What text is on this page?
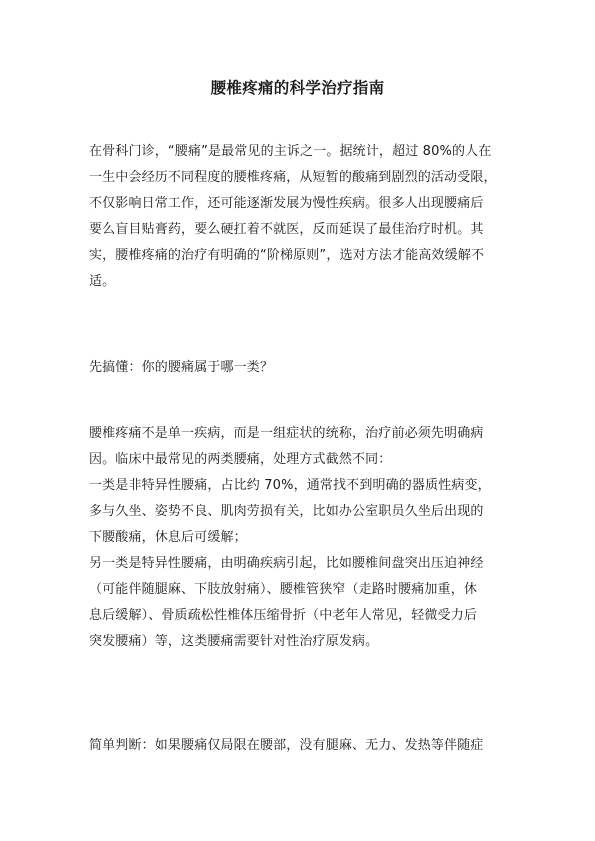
腰椎疼痛的科学治疗指南
在骨科门诊，“腰痛”是最常见的主诉之一。据统计，超过 80%的人在
一生中会经历不同程度的腰椎疼痛，从短暂的酸痛到剧烈的活动受限，
不仅影响日常工作，还可能逐渐发展为慢性疾病。很多人出现腰痛后
要么盲目贴膏药，要么硬扛着不就医，反而延误了最佳治疗时机。其
实，腰椎疼痛的治疗有明确的“阶梯原则”，选对方法才能高效缓解不
适。
先搞懂：你的腰痛属于哪一类？
腰椎疼痛不是单一疾病，而是一组症状的统称，治疗前必须先明确病
因。临床中最常见的两类腰痛，处理方式截然不同：
一类是非特异性腰痛，占比约 70%，通常找不到明确的器质性病变，
多与久坐、姿势不良、肌肉劳损有关，比如办公室职员久坐后出现的
下腰酸痛，休息后可缓解；
另一类是特异性腰痛，由明确疾病引起，比如腰椎间盘突出压迫神经
（可能伴随腿麻、下肢放射痛）、腰椎管狭窄（走路时腰痛加重，休
息后缓解）、骨质疏松性椎体压缩骨折（中老年人常见，轻微受力后
突发腰痛）等，这类腰痛需要针对性治疗原发病。
简单判断：如果腰痛仅局限在腰部，没有腿麻、无力、发热等伴随症
